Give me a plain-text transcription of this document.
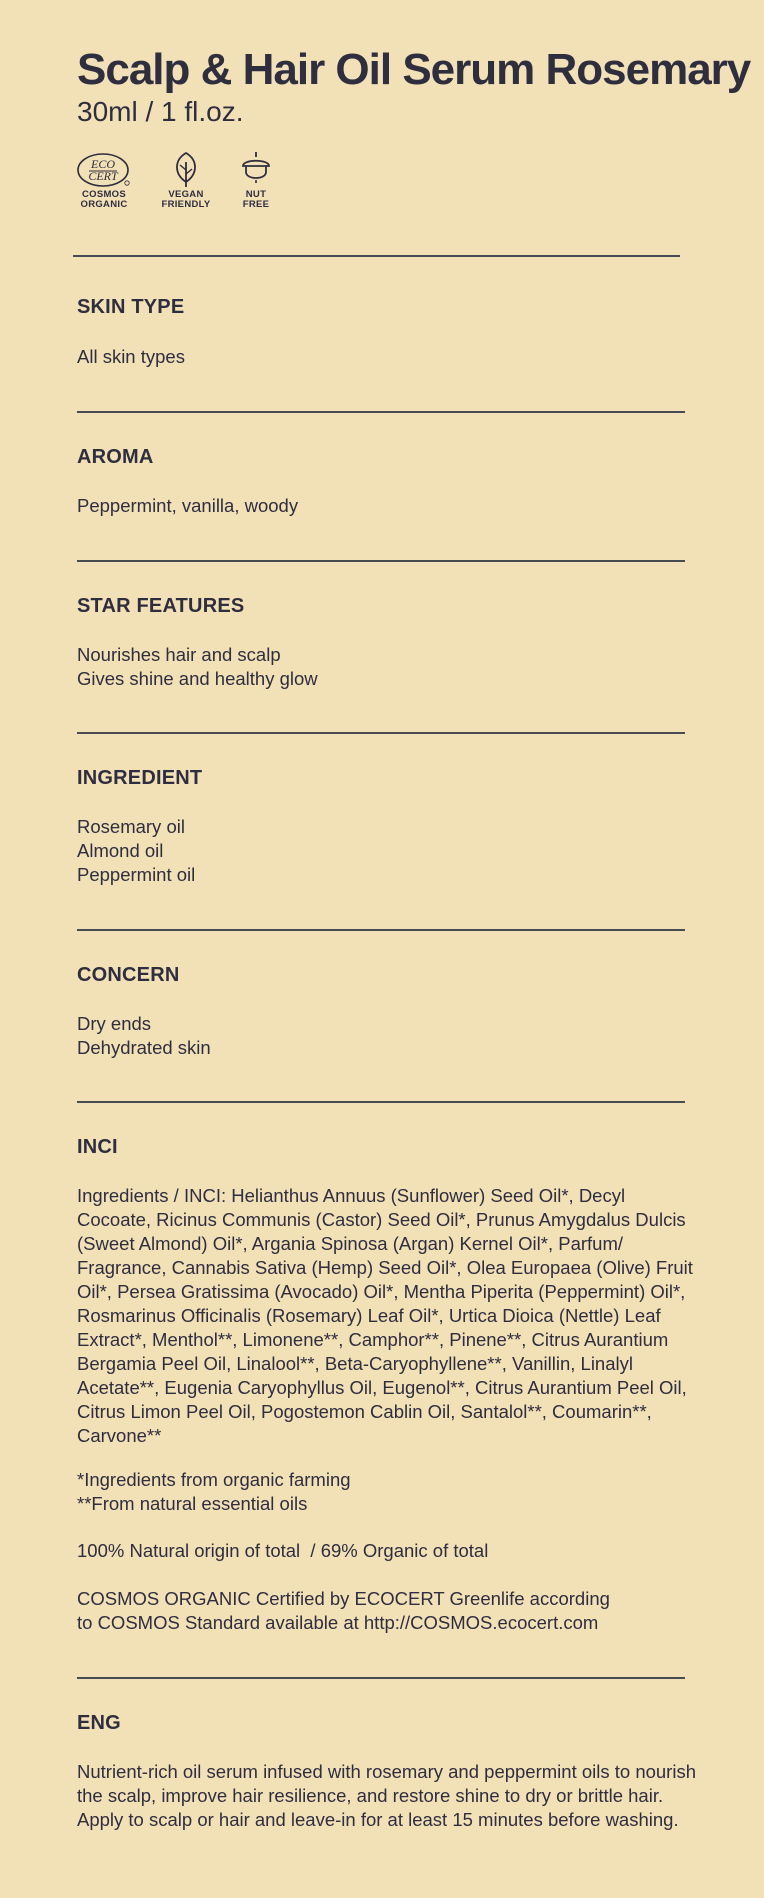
Scalp & Hair Oil Serum Rosemary
30ml / 1 fl.oz.
ECO
CERT
COSMOS
ORGANIC
VEGAN
FRIENDLY
NUT
FREE
SKIN TYPE
All skin types
AROMA
Peppermint, vanilla, woody
STAR FEATURES
Nourishes hair and scalp
Gives shine and healthy glow
INGREDIENT
Rosemary oil
Almond oil
Peppermint oil
CONCERN
Dry ends
Dehydrated skin
INCI
Ingredients / INCI: Helianthus Annuus (Sunflower) Seed Oil*, Decyl Cocoate, Ricinus Communis (Castor) Seed Oil*, Prunus Amygdalus Dulcis (Sweet Almond) Oil*, Argania Spinosa (Argan) Kernel Oil*, Parfum/ Fragrance, Cannabis Sativa (Hemp) Seed Oil*, Olea Europaea (Olive) Fruit Oil*, Persea Gratissima (Avocado) Oil*, Mentha Piperita (Peppermint) Oil*, Rosmarinus Officinalis (Rosemary) Leaf Oil*, Urtica Dioica (Nettle) Leaf Extract*, Menthol**, Limonene**, Camphor**, Pinene**, Citrus Aurantium Bergamia Peel Oil, Linalool**, Beta-Caryophyllene**, Vanillin, Linalyl Acetate**, Eugenia Caryophyllus Oil, Eugenol**, Citrus Aurantium Peel Oil, Citrus Limon Peel Oil, Pogostemon Cablin Oil, Santalol**, Coumarin**, Carvone**
*Ingredients from organic farming
**From natural essential oils
100% Natural origin of total  / 69% Organic of total
COSMOS ORGANIC Certified by ECOCERT Greenlife according
to COSMOS Standard available at http://COSMOS.ecocert.com
ENG
Nutrient-rich oil serum infused with rosemary and peppermint oils to nourish the scalp, improve hair resilience, and restore shine to dry or brittle hair. Apply to scalp or hair and leave-in for at least 15 minutes before washing.
